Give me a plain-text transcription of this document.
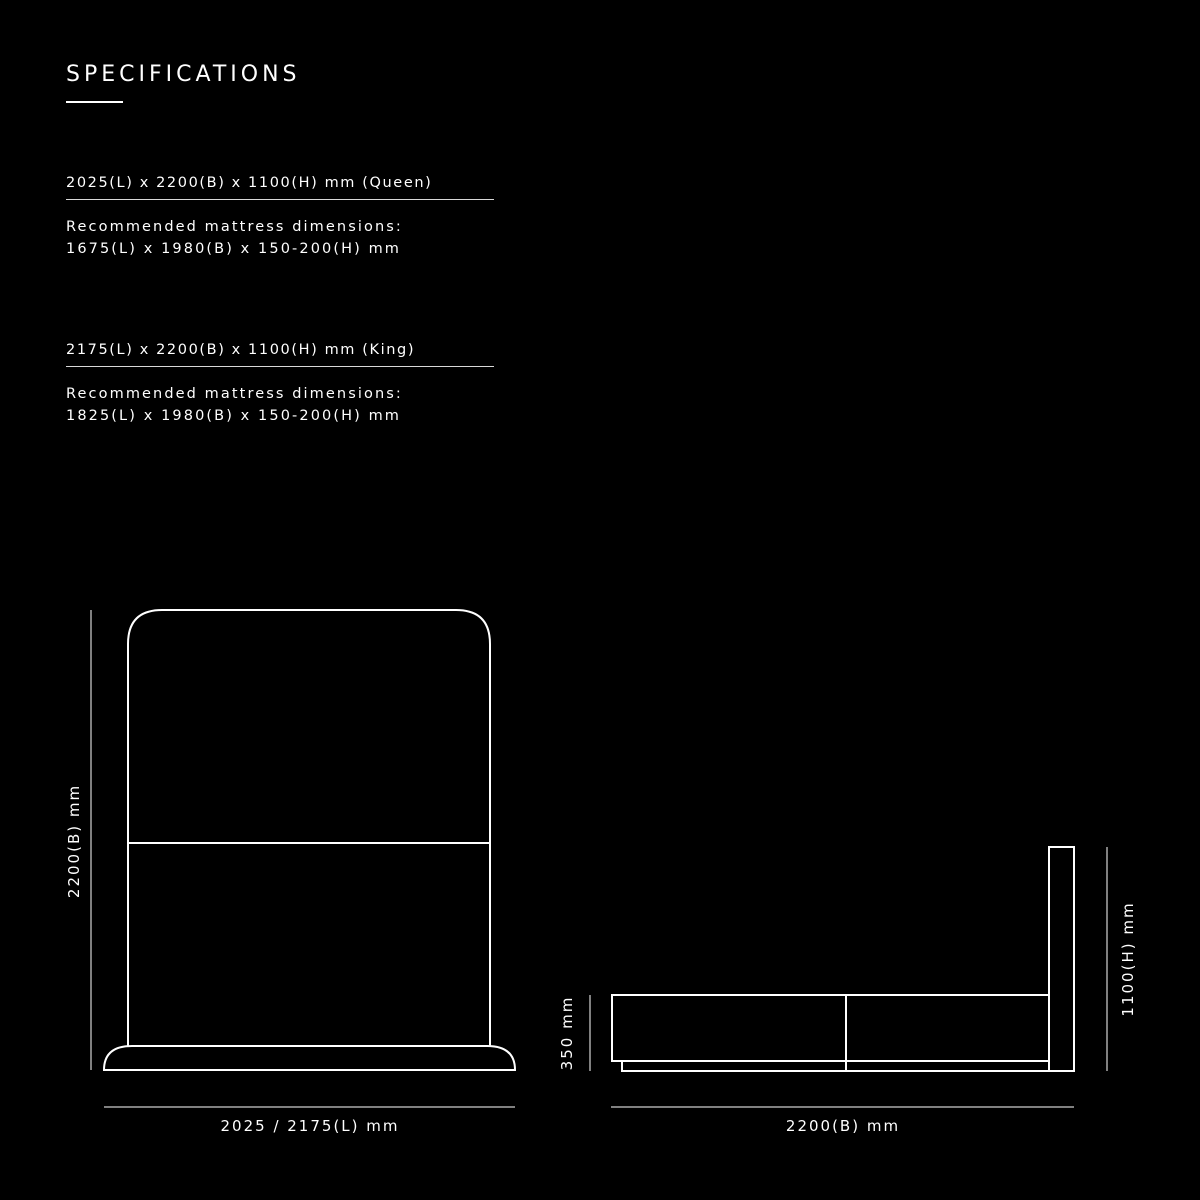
SPECIFICATIONS
2025(L) x 2200(B) x 1100(H) mm (Queen)
Recommended mattress dimensions:
1675(L) x 1980(B) x 150-200(H) mm
2175(L) x 2200(B) x 1100(H) mm (King)
Recommended mattress dimensions:
1825(L) x 1980(B) x 150-200(H) mm
2025 / 2175(L) mm
2200(B) mm
2200(B) mm
350 mm
1100(H) mm
